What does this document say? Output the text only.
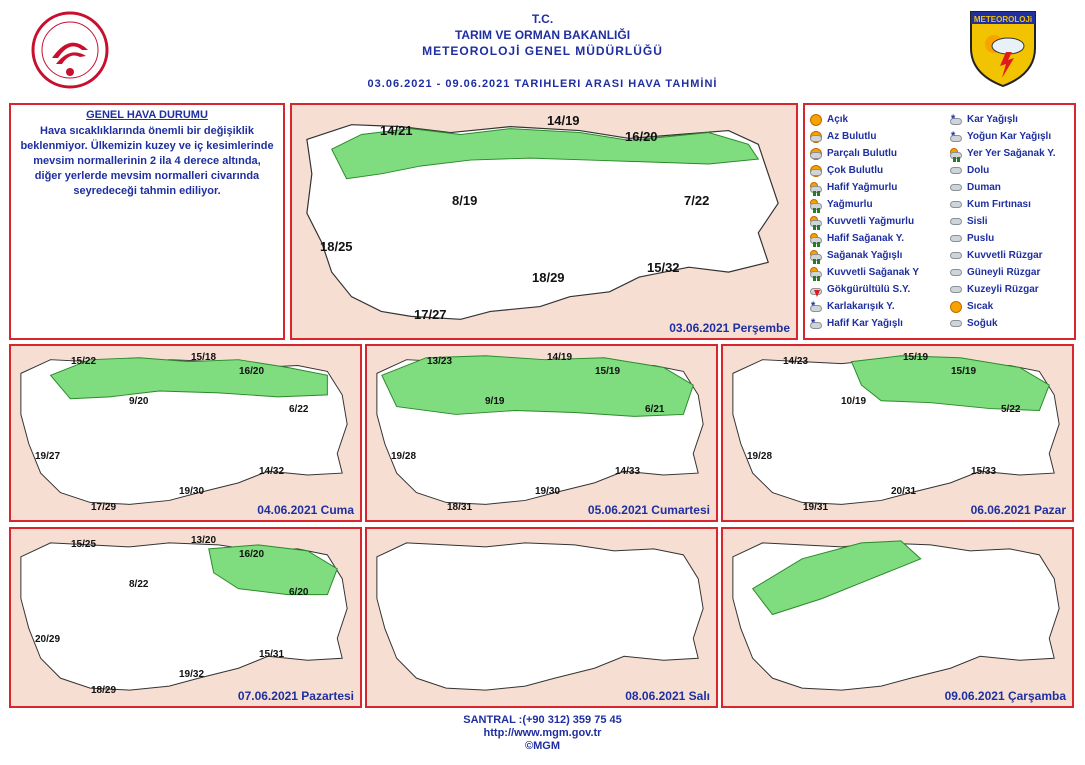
T.C.
TARIM VE ORMAN BAKANLIĞI
METEOROLOJİ GENEL MÜDÜRLÜĞÜ
03.06.2021 - 09.06.2021 TARIHLERI ARASI HAVA TAHMİNİ
METEOROLOJi
GENEL HAVA DURUMU
Hava sıcaklıklarında önemli bir değişiklik beklenmiyor. Ülkemizin kuzey ve iç kesimlerinde mevsim normallerinin 2 ila 4 derece altında, diğer yerlerde mevsim normalleri civarında seyredeceği tahmin ediliyor.
14/21
14/19
16/20
8/19	7/22
18/25
18/29
15/32
17/27
03.06.2021 Perşembe
Açık
Az Bulutlu
Parçalı Bulutlu
Çok Bulutlu
Hafif Yağmurlu
Yağmurlu
Kuvvetli Yağmurlu
Hafif Sağanak Y.
Sağanak Yağışlı
Kuvvetli Sağanak Y
Gökgürültülü S.Y.
* Karlakarışık Y.
* Hafif Kar Yağışlı
* Kar Yağışlı
* Yoğun Kar Yağışlı
Yer Yer Sağanak Y.
Dolu
Duman
Kum Fırtınası
Sisli
Puslu
Kuvvetli Rüzgar
Güneyli Rüzgar
Kuzeyli Rüzgar
Sıcak
Soğuk
15/22	15/18
16/20
9/20
6/22
19/27
14/32
19/30
17/29	04.06.2021 Cuma
13/23	14/19
15/19
9/19
6/21
19/28
14/33
19/30
18/31	05.06.2021 Cumartesi
14/23	15/19
15/19
10/19
5/22
19/28
15/33
20/31
19/31	06.06.2021 Pazar
15/25	13/20
16/20
8/22
6/20
20/29
15/31
19/32
18/29	07.06.2021 Pazartesi	08.06.2021 Salı	09.06.2021 Çarşamba
SANTRAL :(+90 312) 359 75 45
http://www.mgm.gov.tr
©MGM
